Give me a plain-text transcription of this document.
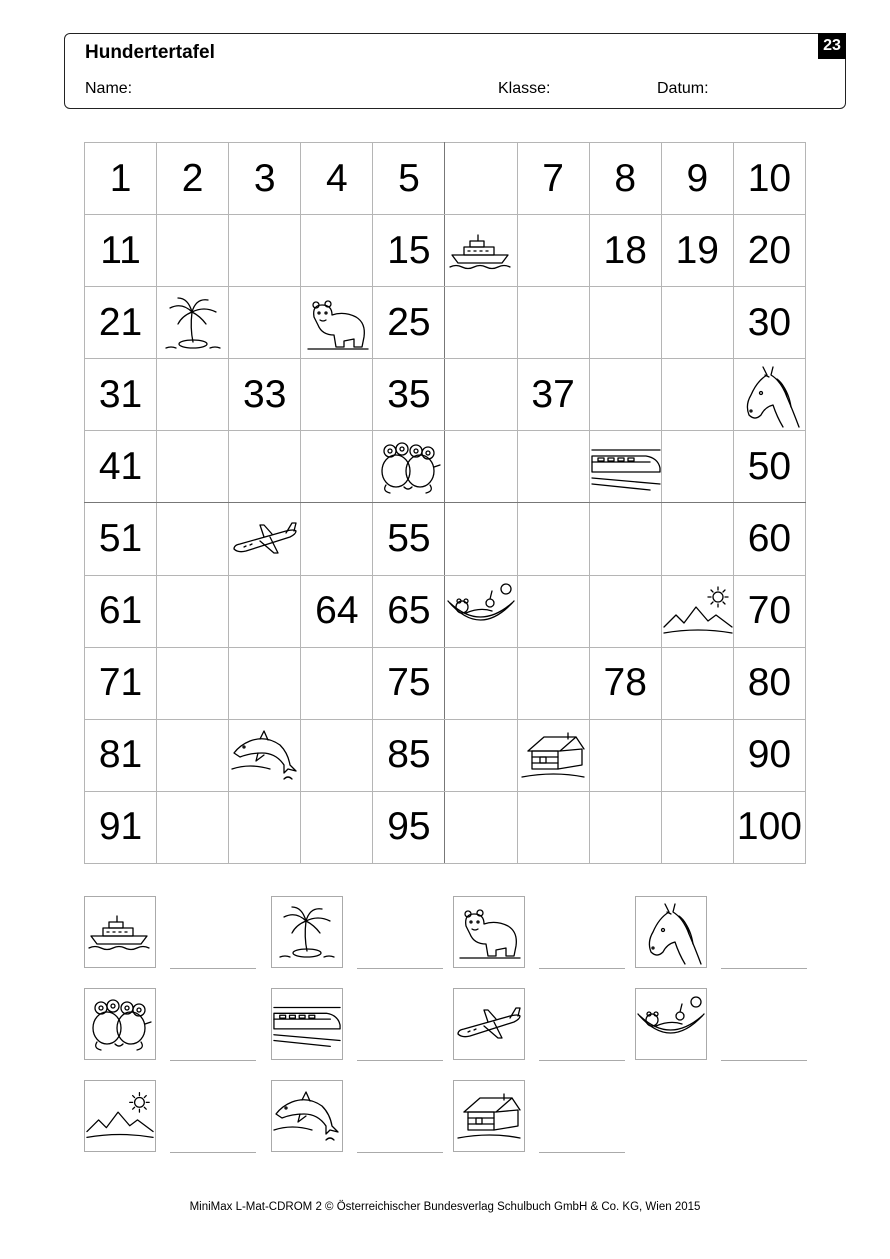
Hundertertafel
Name:	Klasse:	Datum:
23
1	2	3	4	5		7	8	9	10
11				15			18	19	20
21				25					30
31		33		35		37			

41									50
51				55					60
61			64	65					70
71				75			78		80
81				85					90
91				95					100
MiniMax L-Mat-CDROM 2 © Österreichischer Bundesverlag Schulbuch GmbH & Co. KG, Wien 2015
